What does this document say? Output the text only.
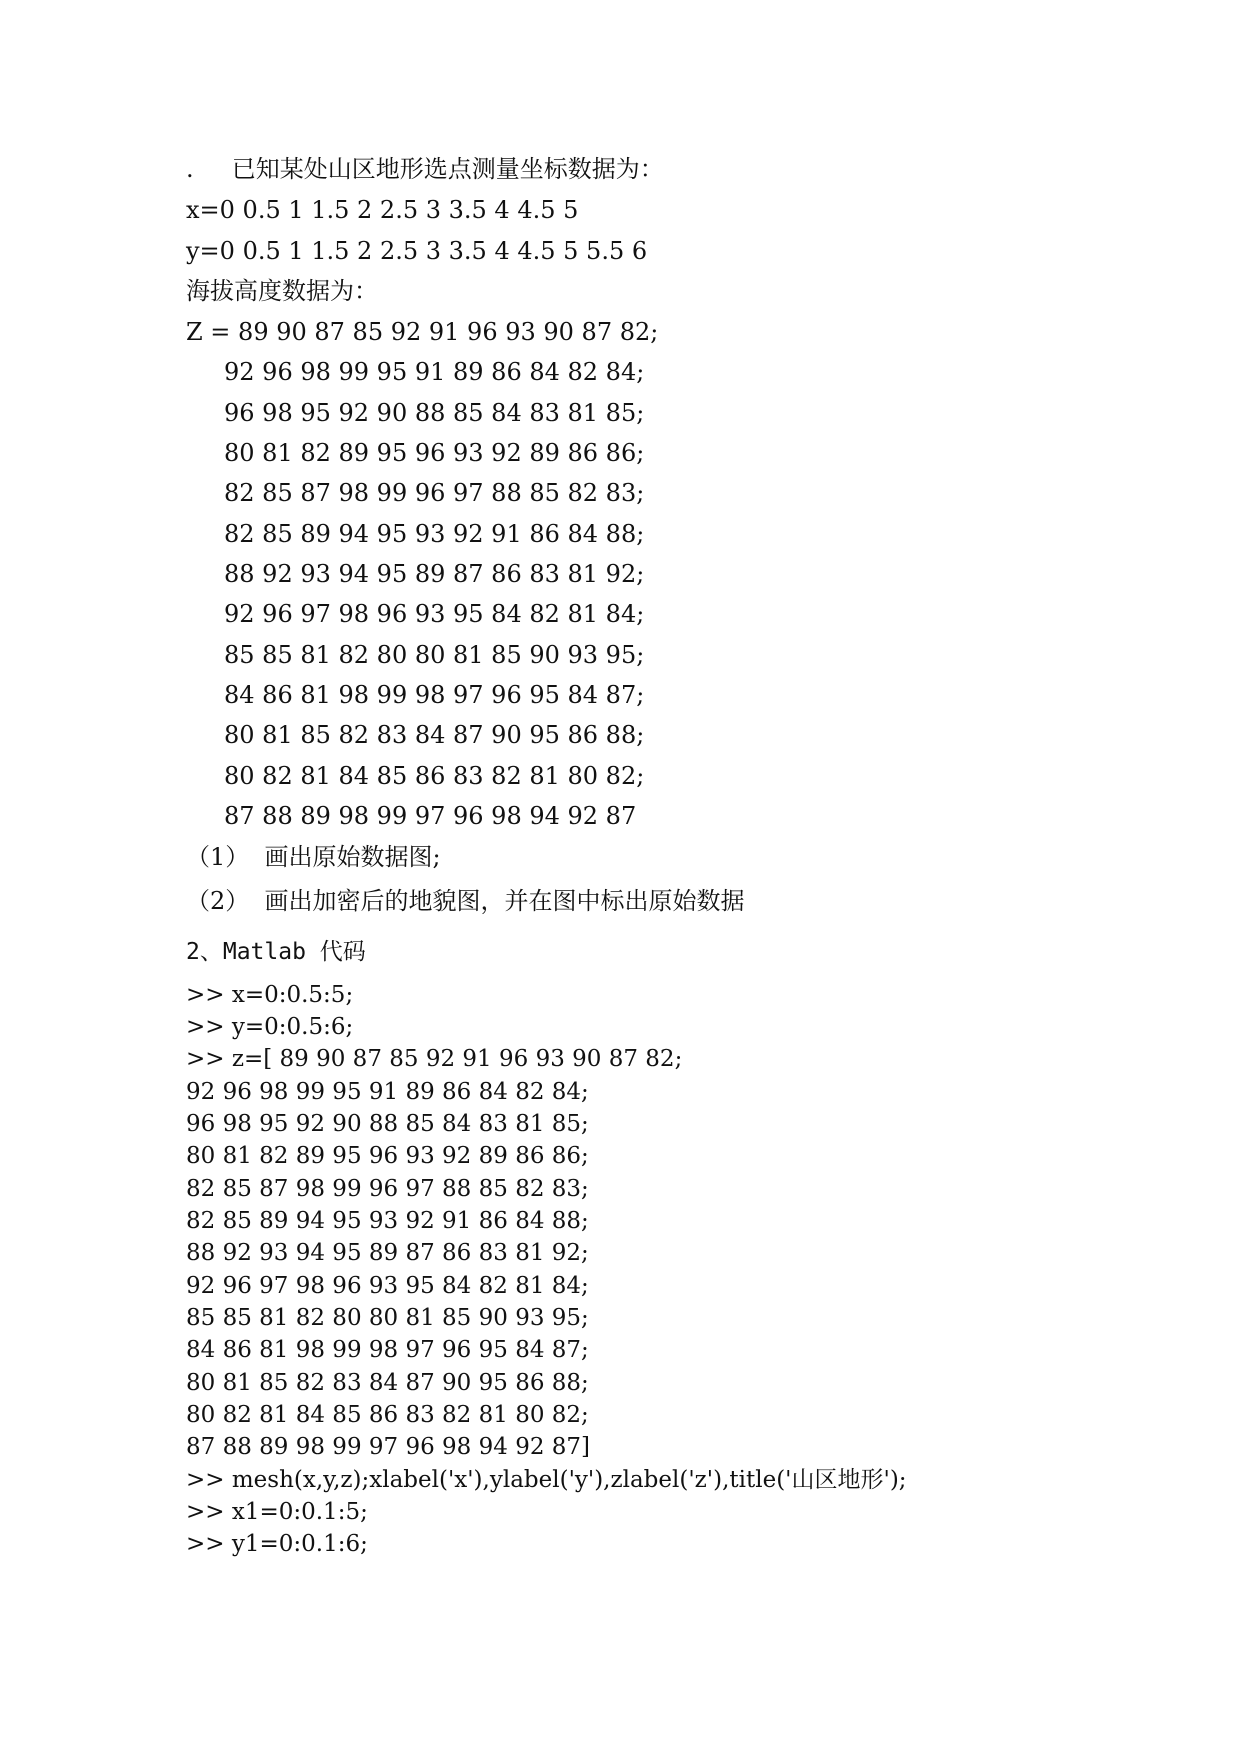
.     已知某处山区地形选点测量坐标数据为：
x=0 0.5 1 1.5 2 2.5 3 3.5 4 4.5 5
y=0 0.5 1 1.5 2 2.5 3 3.5 4 4.5 5 5.5 6
海拔高度数据为：
Z = 89 90 87 85 92 91 96 93 90 87 82;
92 96 98 99 95 91 89 86 84 82 84;
96 98 95 92 90 88 85 84 83 81 85;
80 81 82 89 95 96 93 92 89 86 86;
82 85 87 98 99 96 97 88 85 82 83;
82 85 89 94 95 93 92 91 86 84 88;
88 92 93 94 95 89 87 86 83 81 92;
92 96 97 98 96 93 95 84 82 81 84;
85 85 81 82 80 80 81 85 90 93 95;
84 86 81 98 99 98 97 96 95 84 87;
80 81 85 82 83 84 87 90 95 86 88;
80 82 81 84 85 86 83 82 81 80 82;
87 88 89 98 99 97 96 98 94 92 87
（1）  画出原始数据图;
（2）  画出加密后的地貌图，并在图中标出原始数据
2、Matlab 代码
>> x=0:0.5:5;
>> y=0:0.5:6;
>> z=[ 89 90 87 85 92 91 96 93 90 87 82;
92 96 98 99 95 91 89 86 84 82 84;
96 98 95 92 90 88 85 84 83 81 85;
80 81 82 89 95 96 93 92 89 86 86;
82 85 87 98 99 96 97 88 85 82 83;
82 85 89 94 95 93 92 91 86 84 88;
88 92 93 94 95 89 87 86 83 81 92;
92 96 97 98 96 93 95 84 82 81 84;
85 85 81 82 80 80 81 85 90 93 95;
84 86 81 98 99 98 97 96 95 84 87;
80 81 85 82 83 84 87 90 95 86 88;
80 82 81 84 85 86 83 82 81 80 82;
87 88 89 98 99 97 96 98 94 92 87]
>> mesh(x,y,z);xlabel('x'),ylabel('y'),zlabel('z'),title('山区地形');
>> x1=0:0.1:5;
>> y1=0:0.1:6;
